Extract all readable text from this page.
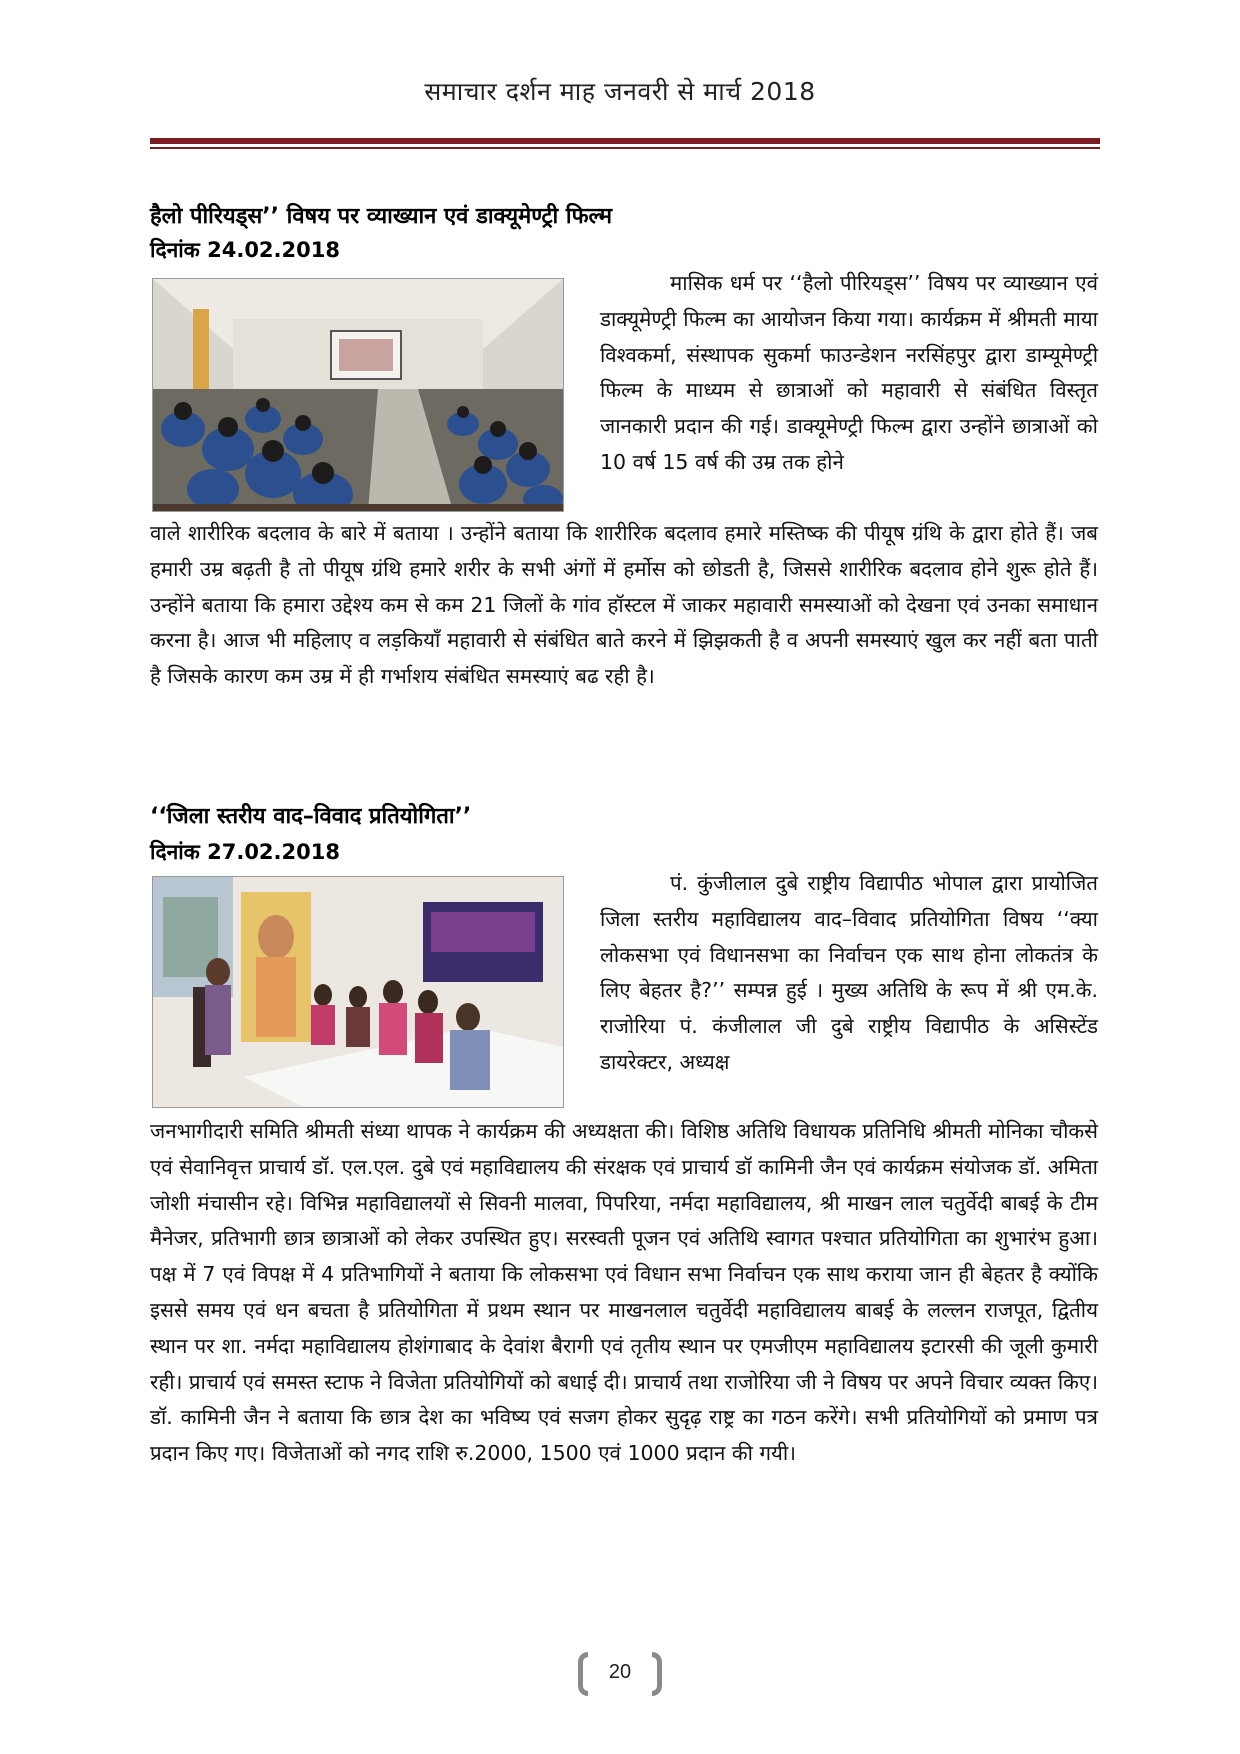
समाचार दर्शन माह जनवरी से मार्च 2018
हैलो पीरियड्स’’ विषय पर व्याख्यान एवं डाक्यूमेण्ट्री फिल्म
दिनांक 24.02.2018
मासिक धर्म पर ‘‘हैलो पीरियड्स’’ विषय पर व्याख्यान एवं डाक्यूमेण्ट्री फिल्म का आयोजन किया गया। कार्यक्रम में श्रीमती माया विश्वकर्मा, संस्थापक सुकर्मा फाउन्डेशन नरसिंहपुर द्वारा डाम्यूमेण्ट्री फिल्म के माध्यम से छात्राओं को महावारी से संबंधित विस्तृत जानकारी प्रदान की गई। डाक्यूमेण्ट्री फिल्म द्वारा उन्होंने छात्राओं को 10 वर्ष 15 वर्ष की उम्र तक होने
वाले शारीरिक बदलाव के बारे में बताया । उन्होंने बताया कि शारीरिक बदलाव हमारे मस्तिष्क की पीयूष ग्रंथि के द्वारा होते हैं। जब हमारी उम्र बढ़ती है तो पीयूष ग्रंथि हमारे शरीर के सभी अंगों में हर्मोस को छोडती है, जिससे शारीरिक बदलाव होने शुरू होते हैं। उन्होंने बताया कि हमारा उद्देश्य कम से कम 21 जिलों के गांव हॉस्टल में जाकर महावारी समस्याओं को देखना एवं उनका समाधान करना है। आज भी महिलाए व लड़कियाँ महावारी से संबंधित बाते करने में झिझकती है व अपनी समस्याएं खुल कर नहीं बता पाती है जिसके कारण कम उम्र में ही गर्भाशय संबंधित समस्याएं बढ रही है।
‘‘जिला स्तरीय वाद–विवाद प्रतियोगिता’’
दिनांक 27.02.2018
पं. कुंजीलाल दुबे राष्ट्रीय विद्यापीठ भोपाल द्वारा प्रायोजित जिला स्तरीय महाविद्यालय वाद–विवाद प्रतियोगिता विषय ‘‘क्या लोकसभा एवं विधानसभा का निर्वाचन एक साथ होना लोकतंत्र के लिए बेहतर है?’’ सम्पन्न हुई । मुख्य अतिथि के रूप में श्री एम.के. राजोरिया पं. कंजीलाल जी दुबे राष्ट्रीय विद्यापीठ के असिस्टेंड डायरेक्टर, अध्यक्ष
जनभागीदारी समिति श्रीमती संध्या थापक ने कार्यक्रम की अध्यक्षता की। विशिष्ठ अतिथि विधायक प्रतिनिधि श्रीमती मोनिका चौकसे एवं सेवानिवृत्त प्राचार्य डॉ. एल.एल. दुबे एवं महाविद्यालय की संरक्षक एवं प्राचार्य डॉ कामिनी जैन एवं कार्यक्रम संयोजक डॉ. अमिता जोशी मंचासीन रहे। विभिन्न महाविद्यालयों से सिवनी मालवा, पिपरिया, नर्मदा महाविद्यालय, श्री माखन लाल चतुर्वेदी बाबई के टीम मैनेजर, प्रतिभागी छात्र छात्राओं को लेकर उपस्थित हुए। सरस्वती पूजन एवं अतिथि स्वागत पश्चात प्रतियोगिता का शुभारंभ हुआ। पक्ष में 7 एवं विपक्ष में 4 प्रतिभागियों ने बताया कि लोकसभा एवं विधान सभा निर्वाचन एक साथ कराया जान ही बेहतर है क्योंकि इससे समय एवं धन बचता है प्रतियोगिता में प्रथम स्थान पर माखनलाल चतुर्वेदी महाविद्यालय बाबई के लल्लन राजपूत, द्वितीय स्थान पर शा. नर्मदा महाविद्यालय होशंगाबाद के देवांश बैरागी एवं तृतीय स्थान पर एमजीएम महाविद्यालय इटारसी की जूली कुमारी रही। प्राचार्य एवं समस्त स्टाफ ने विजेता प्रतियोगियों को बधाई दी। प्राचार्य तथा राजोरिया जी ने विषय पर अपने विचार व्यक्त किए। डॉ. कामिनी जैन ने बताया कि छात्र देश का भविष्य एवं सजग होकर सुदृढ़ राष्ट्र का गठन करेंगे। सभी प्रतियोगियों को प्रमाण पत्र प्रदान किए गए। विजेताओं को नगद राशि रु.2000, 1500 एवं 1000 प्रदान की गयी।
20
